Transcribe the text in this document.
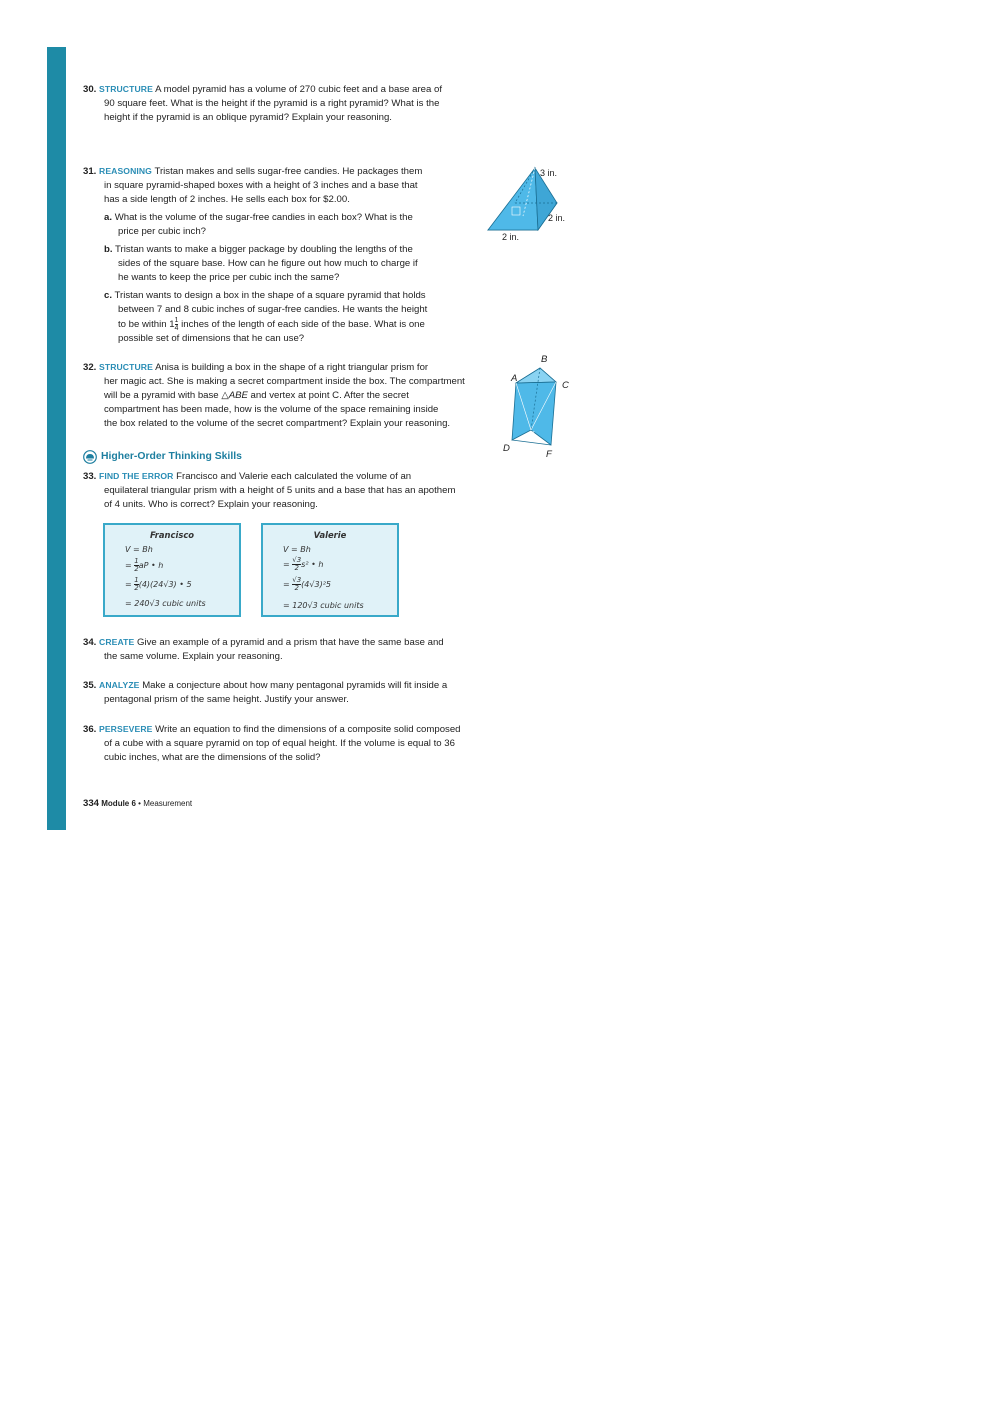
30. STRUCTURE A model pyramid has a volume of 270 cubic feet and a base area of
90 square feet. What is the height if the pyramid is a right pyramid? What is the
height if the pyramid is an oblique pyramid? Explain your reasoning.
31. REASONING Tristan makes and sells sugar-free candies. He packages them
in square pyramid-shaped boxes with a height of 3 inches and a base that
has a side length of 2 inches. He sells each box for $2.00.
a. What is the volume of the sugar-free candies in each box? What is the
price per cubic inch?
b. Tristan wants to make a bigger package by doubling the lengths of the
sides of the square base. How can he figure out how much to charge if
he wants to keep the price per cubic inch the same?
c. Tristan wants to design a box in the shape of a square pyramid that holds
between 7 and 8 cubic inches of sugar-free candies. He wants the height
to be within $1 \frac{1}{4}$ inches of the length of each side of the base. What is one
possible set of dimensions that he can use?
3 in.
2 in.
2 in.
32. STRUCTURE Anisa is building a box in the shape of a right triangular prism for
her magic act. She is making a secret compartment inside the box. The compartment
will be a pyramid with base △ABE and vertex at point C. After the secret
compartment has been made, how is the volume of the space remaining inside
the box related to the volume of the secret compartment? Explain your reasoning.
B
A
C
E
D
F
Higher-Order Thinking Skills
33. FIND THE ERROR Francisco and Valerie each calculated the volume of an
equilateral triangular prism with a height of 5 units and a base that has an apothem
of 4 units. Who is correct? Explain your reasoning.
Francisco
V = Bh
= $\frac{1}{2}$ aP • h
= $\frac{1}{2} (4)(24√3)$ • 5
= 240√3 cubic units
Valerie
V = Bh
= $\frac{√3}{2} s^2$ • h
= $\frac{√3}{2} (4√3)^25$
= 120√3 cubic units
34. CREATE Give an example of a pyramid and a prism that have the same base and
the same volume. Explain your reasoning.
35. ANALYZE Make a conjecture about how many pentagonal pyramids will fit inside a
pentagonal prism of the same height. Justify your answer.
36. PERSEVERE Write an equation to find the dimensions of a composite solid composed
of a cube with a square pyramid on top of equal height. If the volume is equal to 36
cubic inches, what are the dimensions of the solid?
334 Module 6 • Measurement
